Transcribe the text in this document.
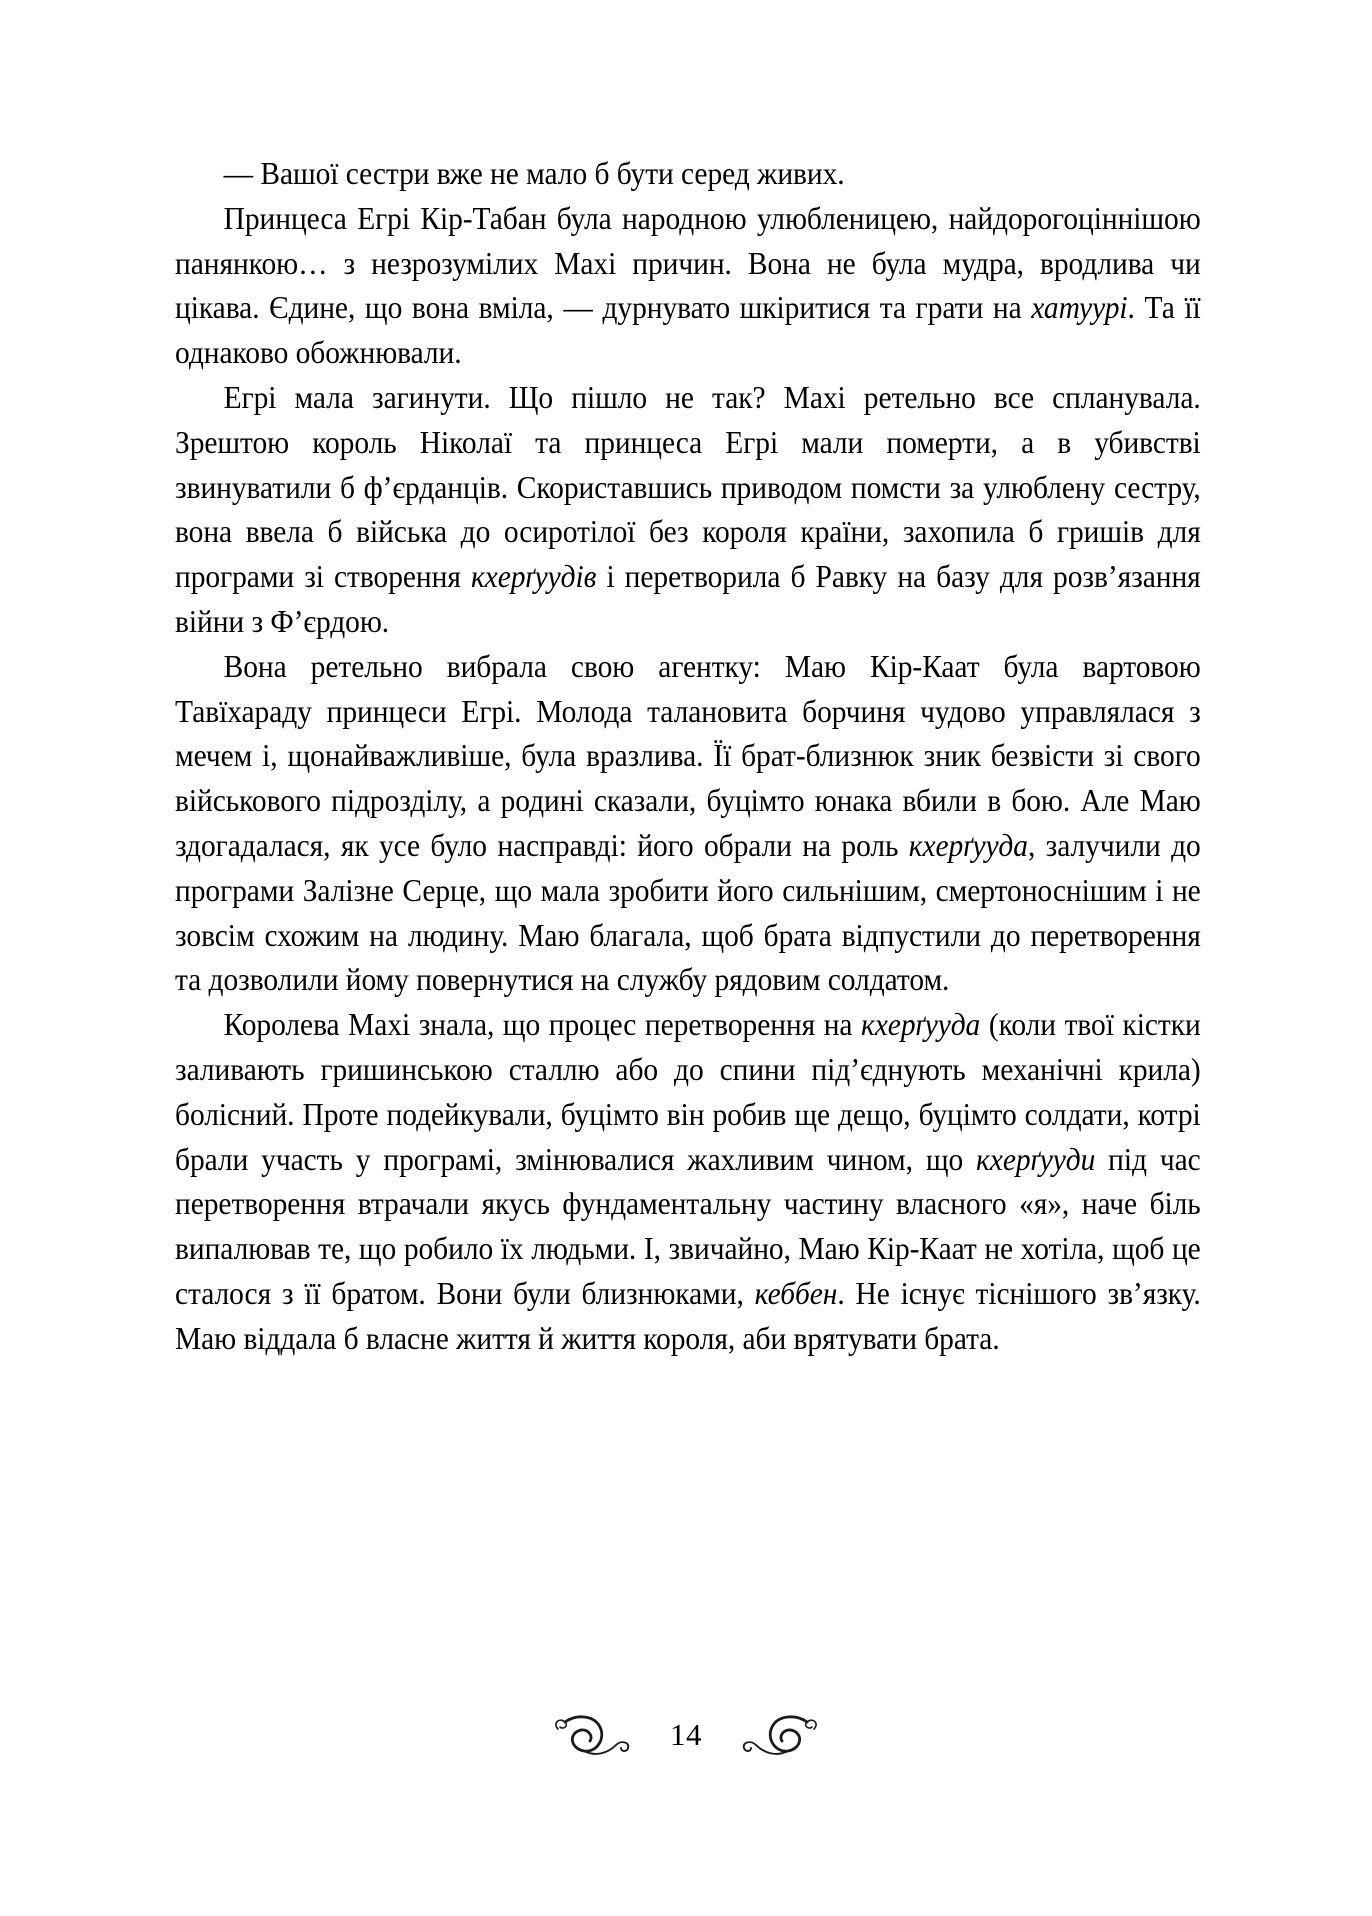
— Вашої сестри вже не мало б бути серед живих.

Принцеса Егрі Кір-Табан була народною улюбленицею, найдорогоціннішою панянкою… з незрозумілих Махі причин. Вона не була мудра, вродлива чи цікава. Єдине, що вона вміла, — дурнувато шкіритися та грати на хатуурі. Та її однаково обожнювали.

Егрі мала загинути. Що пішло не так? Махі ретельно все спланувала. Зрештою король Ніколаї та принцеса Егрі мали померти, а в убивстві звинуватили б фʼєрданців. Скориставшись приводом помсти за улюблену сестру, вона ввела б війська до осиротілої без короля країни, захопила б гришів для програми зі створення кхерґуудів і перетворила б Равку на базу для розвʼязання війни з Фʼєрдою.

Вона ретельно вибрала свою агентку: Маю Кір-Каат була вартовою Тавїхараду принцеси Егрі. Молода талановита борчиня чудово управлялася з мечем і, щонайважливіше, була вразлива. Її брат-близнюк зник безвісти зі свого військового підрозділу, а родині сказали, буцімто юнака вбили в бою. Але Маю здогадалася, як усе було насправді: його обрали на роль кхерґууда, залучили до програми Залізне Серце, що мала зробити його сильнішим, смертоноснішим і не зовсім схожим на людину. Маю благала, щоб брата відпустили до перетворення та дозволили йому повернутися на службу рядовим солдатом.

Королева Махі знала, що процес перетворення на кхерґууда (коли твої кістки заливають гришинською сталлю або до спини підʼєднують механічні крила) болісний. Проте подейкували, буцімто він робив ще дещо, буцімто солдати, котрі брали участь у програмі, змінювалися жахливим чином, що кхерґууди під час перетворення втрачали якусь фундаментальну частину власного «я», наче біль випалював те, що робило їх людьми. І, звичайно, Маю Кір-Каат не хотіла, щоб це сталося з її братом. Вони були близнюками, кеббен. Не існує тіснішого звʼязку. Маю віддала б власне життя й життя короля, аби врятувати брата.

14
